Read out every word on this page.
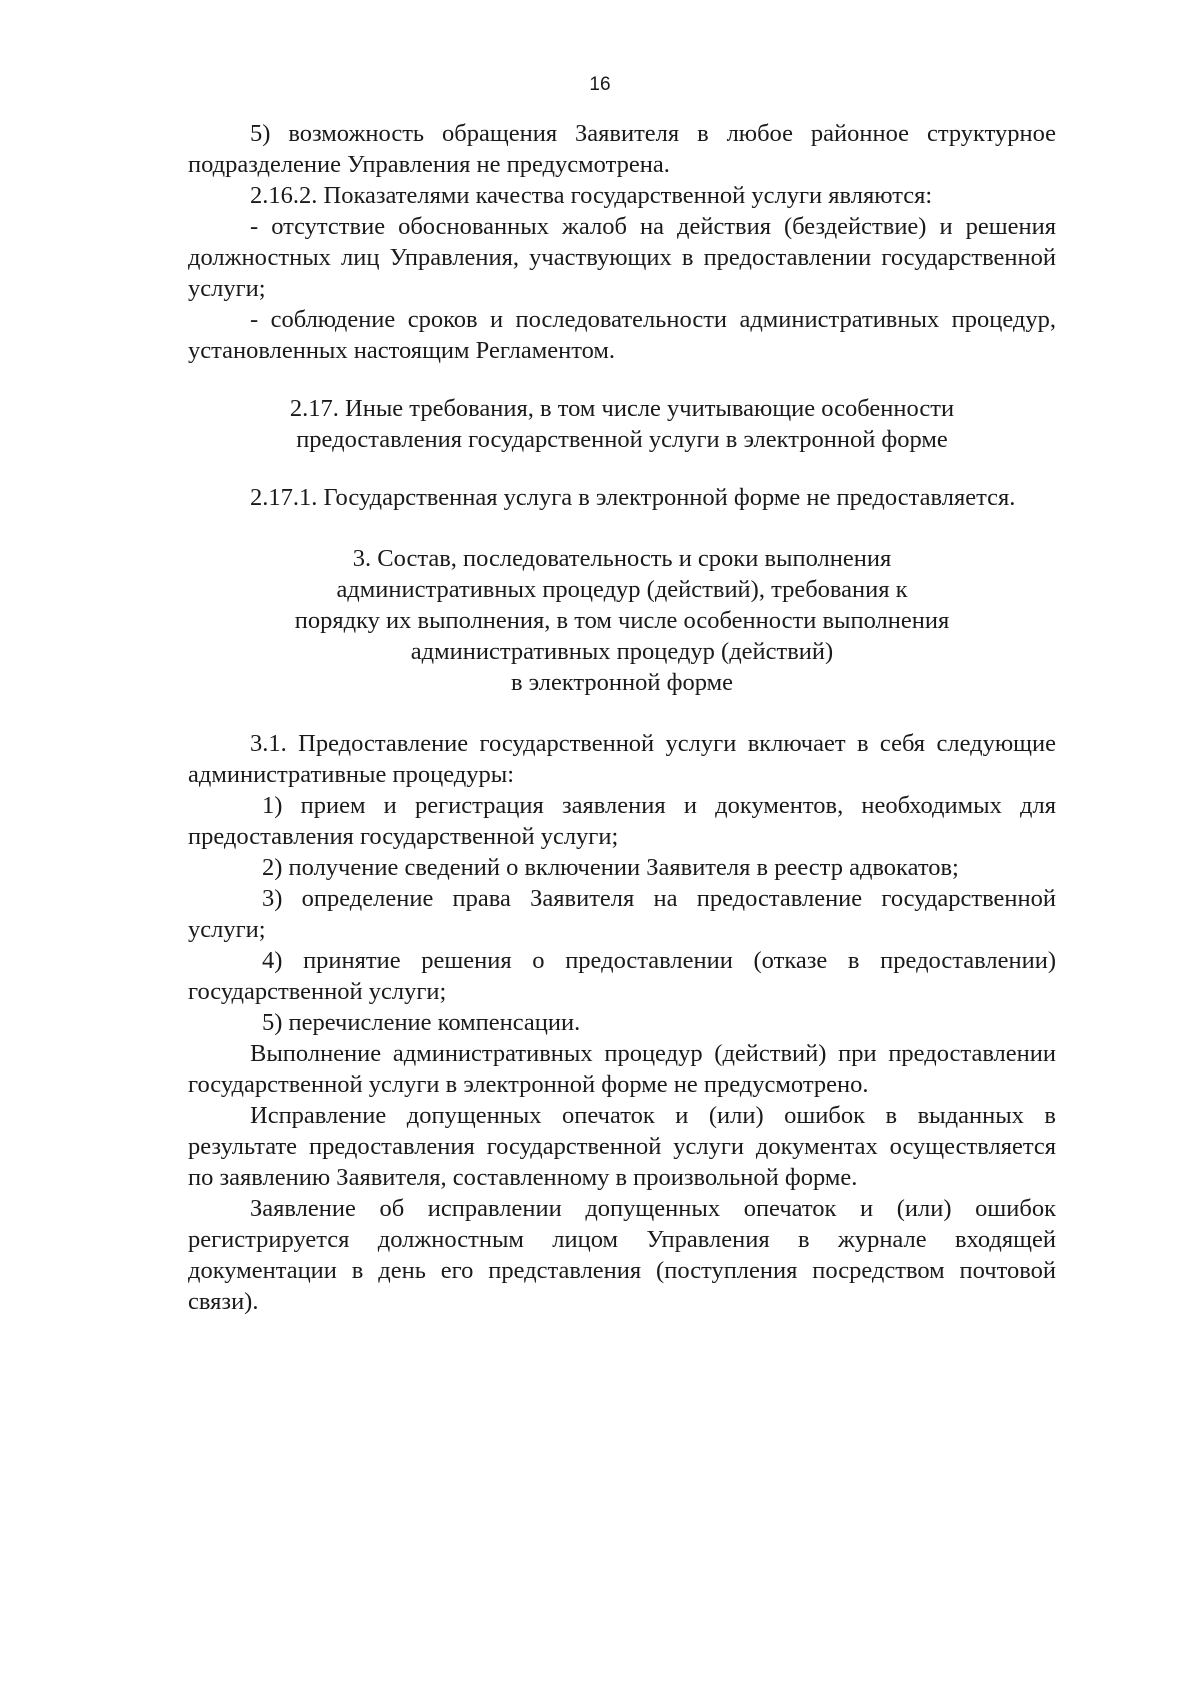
16

5) возможность обращения Заявителя в любое районное структурное подразделение Управления не предусмотрена.

2.16.2. Показателями качества государственной услуги являются:

- отсутствие обоснованных жалоб на действия (бездействие) и решения должностных лиц Управления, участвующих в предоставлении государственной услуги;

- соблюдение сроков и последовательности административных процедур, установленных настоящим Регламентом.

2.17. Иные требования, в том числе учитывающие особенности
предоставления государственной услуги в электронной форме

2.17.1. Государственная услуга в электронной форме не предоставляется.

3. Состав, последовательность и сроки выполнения
административных процедур (действий), требования к
порядку их выполнения, в том числе особенности выполнения
административных процедур (действий)
в электронной форме

3.1. Предоставление государственной услуги включает в себя следующие административные процедуры:

1) прием и регистрация заявления и документов, необходимых для предоставления государственной услуги;

2) получение сведений о включении Заявителя в реестр адвокатов;

3) определение права Заявителя на предоставление государственной услуги;

4) принятие решения о предоставлении (отказе в предоставлении) государственной услуги;

5) перечисление компенсации.

Выполнение административных процедур (действий) при предоставлении государственной услуги в электронной форме не предусмотрено.

Исправление допущенных опечаток и (или) ошибок в выданных в результате предоставления государственной услуги документах осуществляется по заявлению Заявителя, составленному в произвольной форме.

Заявление об исправлении допущенных опечаток и (или) ошибок регистрируется должностным лицом Управления в журнале входящей документации в день его представления (поступления посредством почтовой связи).
